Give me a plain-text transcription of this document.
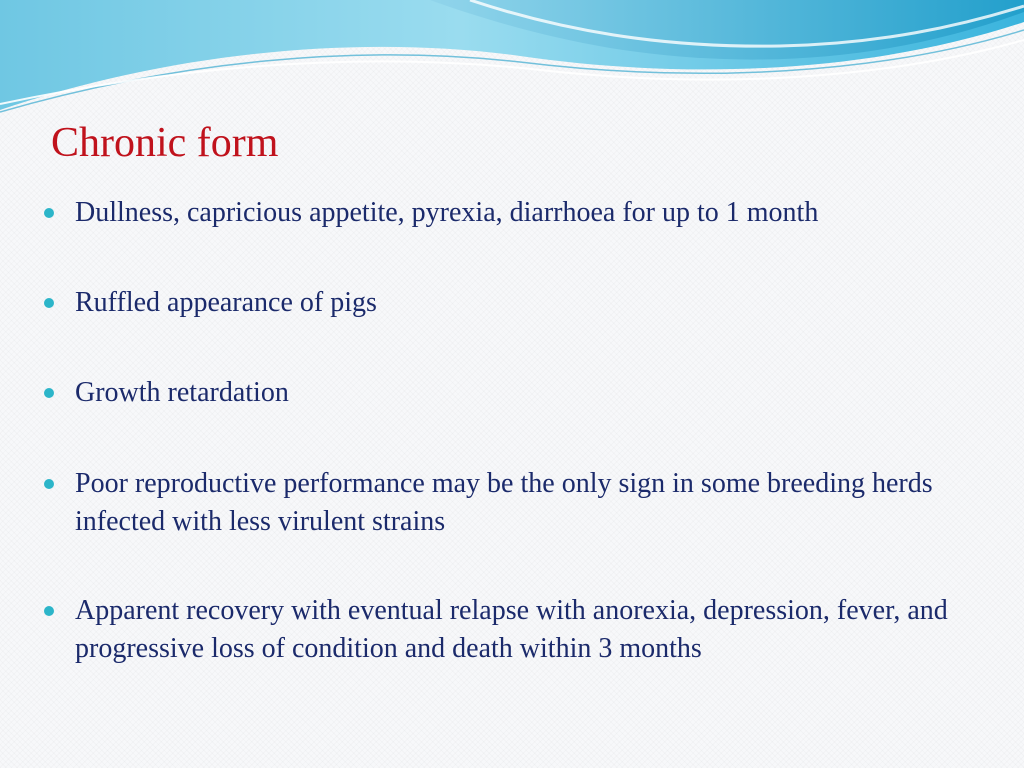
Chronic form
Dullness, capricious appetite, pyrexia, diarrhoea for up to 1 month
Ruffled appearance of pigs
Growth retardation
Poor reproductive performance may be the only sign in some breeding herds infected with less virulent strains
Apparent recovery with eventual relapse with anorexia, depression, fever, and progressive loss of condition and death within 3 months
